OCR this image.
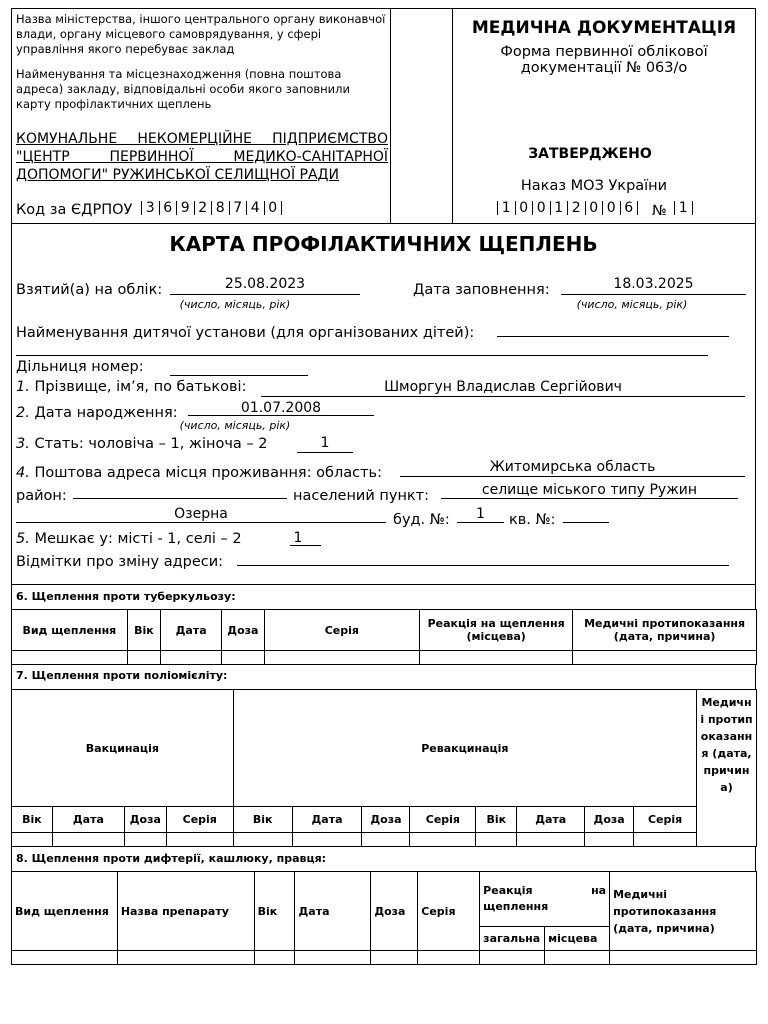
Назва міністерства, іншого центрального органу виконавчої влади, органу місцевого самоврядування, у сфері управління якого перебуває заклад
Найменування та місцезнаходження (повна поштова адреса) закладу, відповідальні особи якого заповнили карту профілактичних щеплень
КОМУНАЛЬНЕ НЕКОМЕРЦІЙНЕ ПІДПРИЄМСТВО "ЦЕНТР ПЕРВИННОЇ МЕДИКО-САНІТАРНОЇ ДОПОМОГИ" РУЖИНСЬКОЇ СЕЛИЩНОЇ РАДИ
Код за ЄДРПОУ 3 6 9 2 8 7 4 0
МЕДИЧНА ДОКУМЕНТАЦІЯ
Форма первинної облікової
документації № 063/о
ЗАТВЕРДЖЕНО
Наказ МОЗ України
1 0 0 1 2 0 0 6	№ 1
КАРТА ПРОФІЛАКТИЧНИХ ЩЕПЛЕНЬ
Взятий(а) на облік:	25.08.2023
(число, місяць, рік)
Дата заповнення:	18.03.2025
(число, місяць, рік)
Найменування дитячої установи (для організованих дітей):
Дільниця номер:
1. Прізвище, ім’я, по батькові:	Шморгун Владислав Сергійович
2. Дата народження:	01.07.2008
(число, місяць, рік)
3. Стать: чоловіча – 1, жіноча – 2	1
4. Поштова адреса місця проживання: область:	Житомирська область
район:	населений пункт:	селище міського типу Ружин
Озерна	буд. №:	1	кв. №:
5. Мешкає у: місті - 1, селі – 2	1
Відмітки про зміну адреси:
6. Щеплення проти туберкульозу:
Вид щеплення	Вік	Дата	Доза	Серія	Реакція на щеплення (місцева)	Медичні протипоказання (дата, причина)

7. Щеплення проти поліомієліту:
Вакцинація				Ревакцинація								Медичні протипоказання (дата, причина)
Вік	Дата	Доза	Серія	Вік	Дата	Доза	Серія	Вік	Дата	Доза	Серія	

8. Щеплення проти дифтерії, кашлюку, правця:
Вид щеплення	Назва препарату	Вік	Дата	Доза	Серія	Реакція на щеплення		Медичні протипоказання (дата, причина)
						загальна	місцева	
